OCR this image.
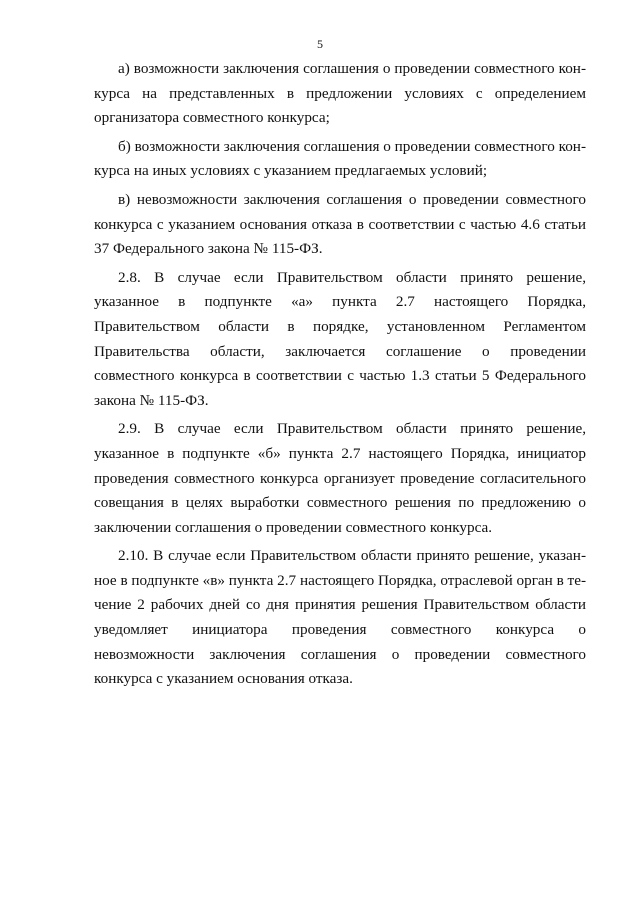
5

а) возможности заключения соглашения о проведении совместного конкурса на представленных в предложении условиях с определением организатора совместного конкурса;

б) возможности заключения соглашения о проведении совместного конкурса на иных условиях с указанием предлагаемых условий;

в) невозможности заключения соглашения о проведении совместного конкурса с указанием основания отказа в соответствии с частью 4.6 статьи 37 Федерального закона № 115-ФЗ.

2.8. В случае если Правительством области принято решение, указанное в подпункте «а» пункта 2.7 настоящего Порядка, Правительством области в порядке, установленном Регламентом Правительства области, заключается соглашение о проведении совместного конкурса в соответствии с частью 1.3 статьи 5 Федерального закона № 115-ФЗ.

2.9. В случае если Правительством области принято решение, указанное в подпункте «б» пункта 2.7 настоящего Порядка, инициатор проведения совместного конкурса организует проведение согласительного совещания в целях выработки совместного решения по предложению о заключении соглашения о проведении совместного конкурса.

2.10. В случае если Правительством области принято решение, указанное в подпункте «в» пункта 2.7 настоящего Порядка, отраслевой орган в течение 2 рабочих дней со дня принятия решения Правительством области уведомляет инициатора проведения совместного конкурса о невозможности заключения соглашения о проведении совместного конкурса с указанием основания отказа.
